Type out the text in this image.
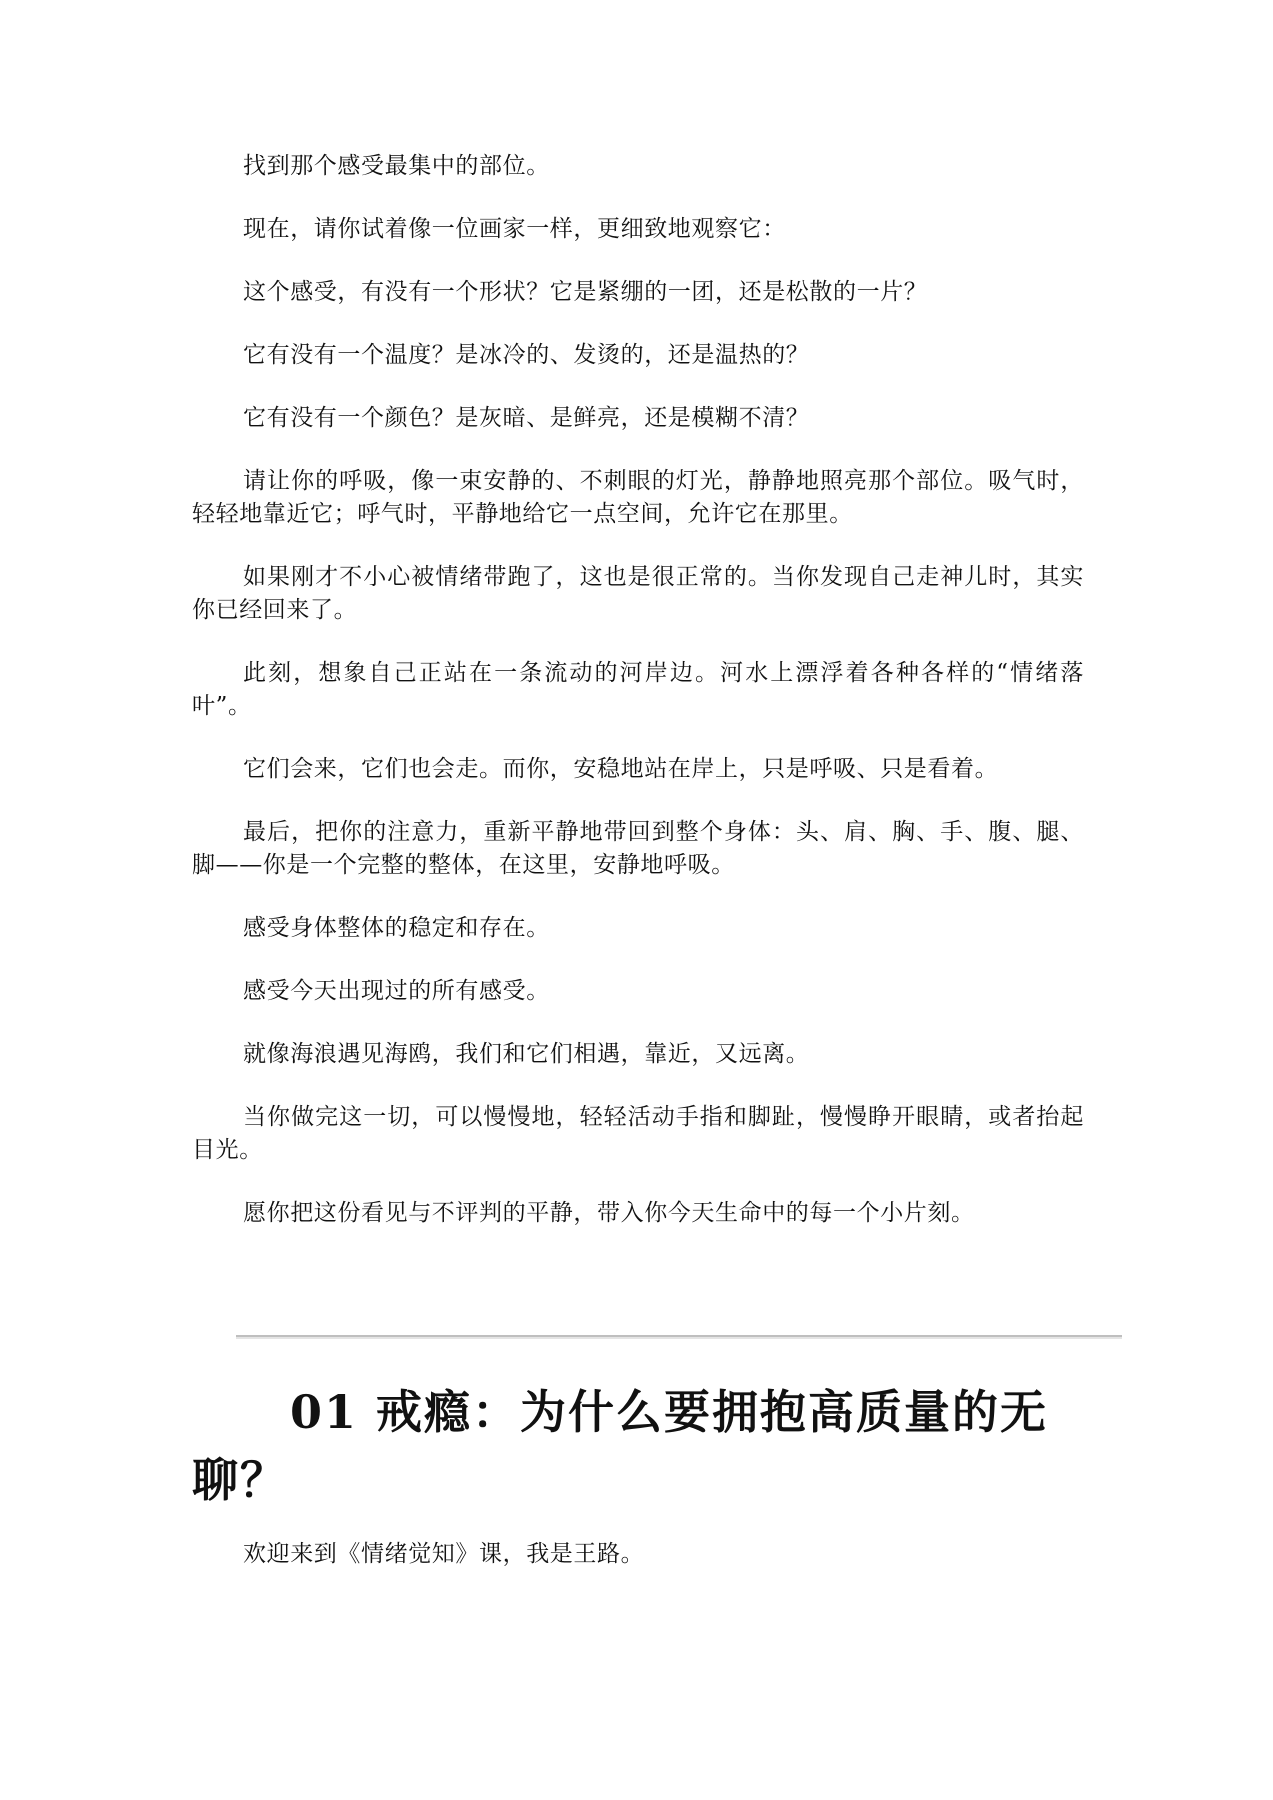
找到那个感受最集中的部位。

现在，请你试着像一位画家一样，更细致地观察它：

这个感受，有没有一个形状？它是紧绷的一团，还是松散的一片？

它有没有一个温度？是冰冷的、发烫的，还是温热的？

它有没有一个颜色？是灰暗、是鲜亮，还是模糊不清？

请让你的呼吸，像一束安静的、不刺眼的灯光，静静地照亮那个部位。吸气时，轻轻地靠近它；呼气时，平静地给它一点空间，允许它在那里。

如果刚才不小心被情绪带跑了，这也是很正常的。当你发现自己走神儿时，其实你已经回来了。

此刻，想象自己正站在一条流动的河岸边。河水上漂浮着各种各样的“情绪落叶”。

它们会来，它们也会走。而你，安稳地站在岸上，只是呼吸、只是看着。

最后，把你的注意力，重新平静地带回到整个身体：头、肩、胸、手、腹、腿、脚——你是一个完整的整体，在这里，安静地呼吸。

感受身体整体的稳定和存在。

感受今天出现过的所有感受。

就像海浪遇见海鸥，我们和它们相遇，靠近，又远离。

当你做完这一切，可以慢慢地，轻轻活动手指和脚趾，慢慢睁开眼睛，或者抬起目光。

愿你把这份看见与不评判的平静，带入你今天生命中的每一个小片刻。

01 戒瘾：为什么要拥抱高质量的无聊？

欢迎来到《情绪觉知》课，我是王路。
